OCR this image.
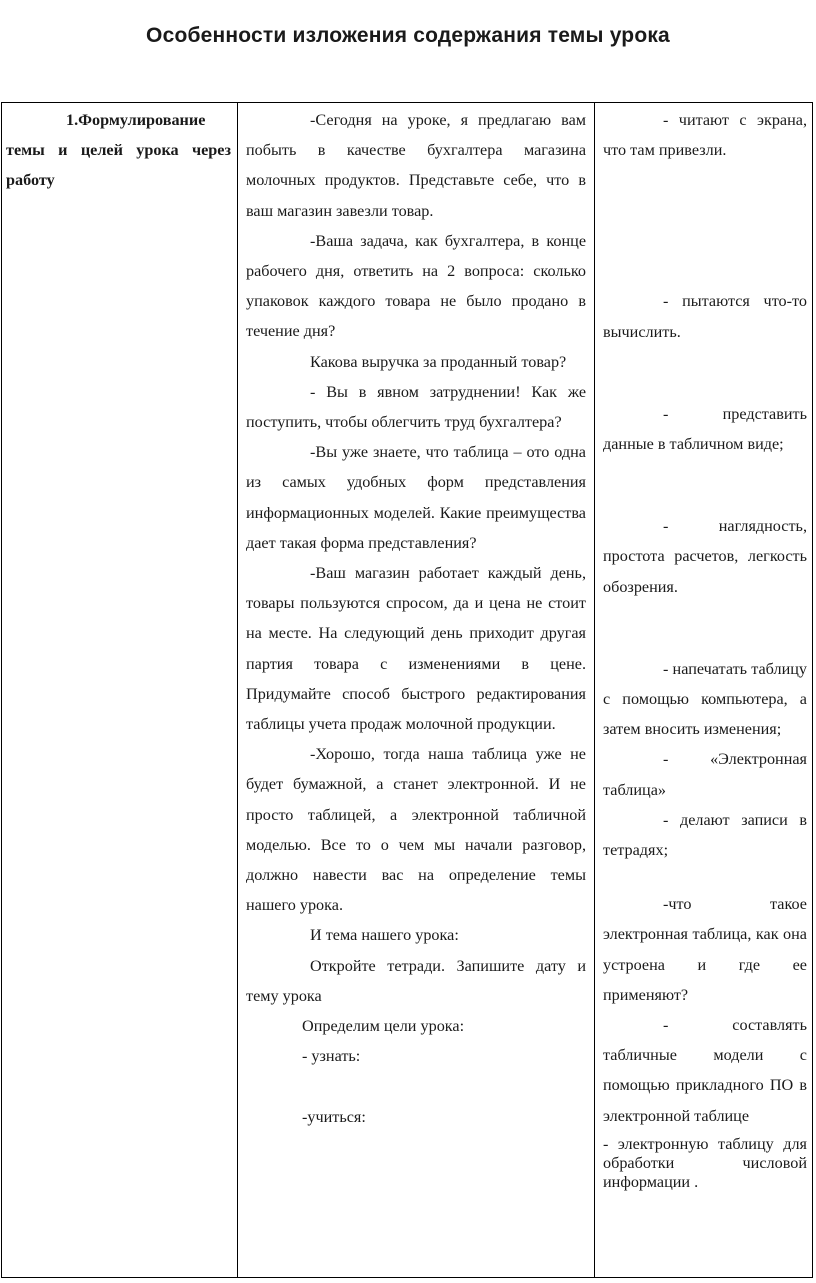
Особенности изложения содержания темы урока

1.Формулирование темы и целей урока через работу

-Сегодня на уроке, я предлагаю вам побыть в качестве бухгалтера магазина молочных продуктов. Представьте себе, что в ваш магазин завезли товар.

-Ваша задача, как бухгалтера, в конце рабочего дня, ответить на 2 вопроса: сколько упаковок каждого товара не было продано в течение дня?

Какова выручка за проданный товар?

- Вы в явном затруднении! Как же поступить, чтобы облегчить труд бухгалтера?

-Вы уже знаете, что таблица – ото одна из самых удобных форм представления информационных моделей. Какие преимущества дает такая форма представления?

-Ваш магазин работает каждый день, товары пользуются спросом, да и цена не стоит на месте. На следующий день приходит другая партия товара с изменениями в цене. Придумайте способ быстрого редактирования таблицы учета продаж молочной продукции.

-Хорошо, тогда наша таблица уже не будет бумажной, а станет электронной. И не просто таблицей, а электронной табличной моделью. Все то о чем мы начали разговор, должно навести вас на определение темы нашего урока.

И тема нашего урока:

Откройте тетради. Запишите дату и тему урока

Определим цели урока:

- узнать:

-учиться:

- читают с экрана, что там привезли.

- пытаются что-то вычислить.

- представить данные в табличном виде;

- наглядность, простота расчетов, легкость обозрения.

- напечатать таблицу с помощью компьютера, а затем вносить изменения;

- «Электронная таблица»

- делают записи в тетрадях;

-что такое электронная таблица, как она устроена и где ее применяют?

- составлять табличные модели с помощью прикладного ПО в электронной таблице

- электронную таблицу для обработки числовой информации .
